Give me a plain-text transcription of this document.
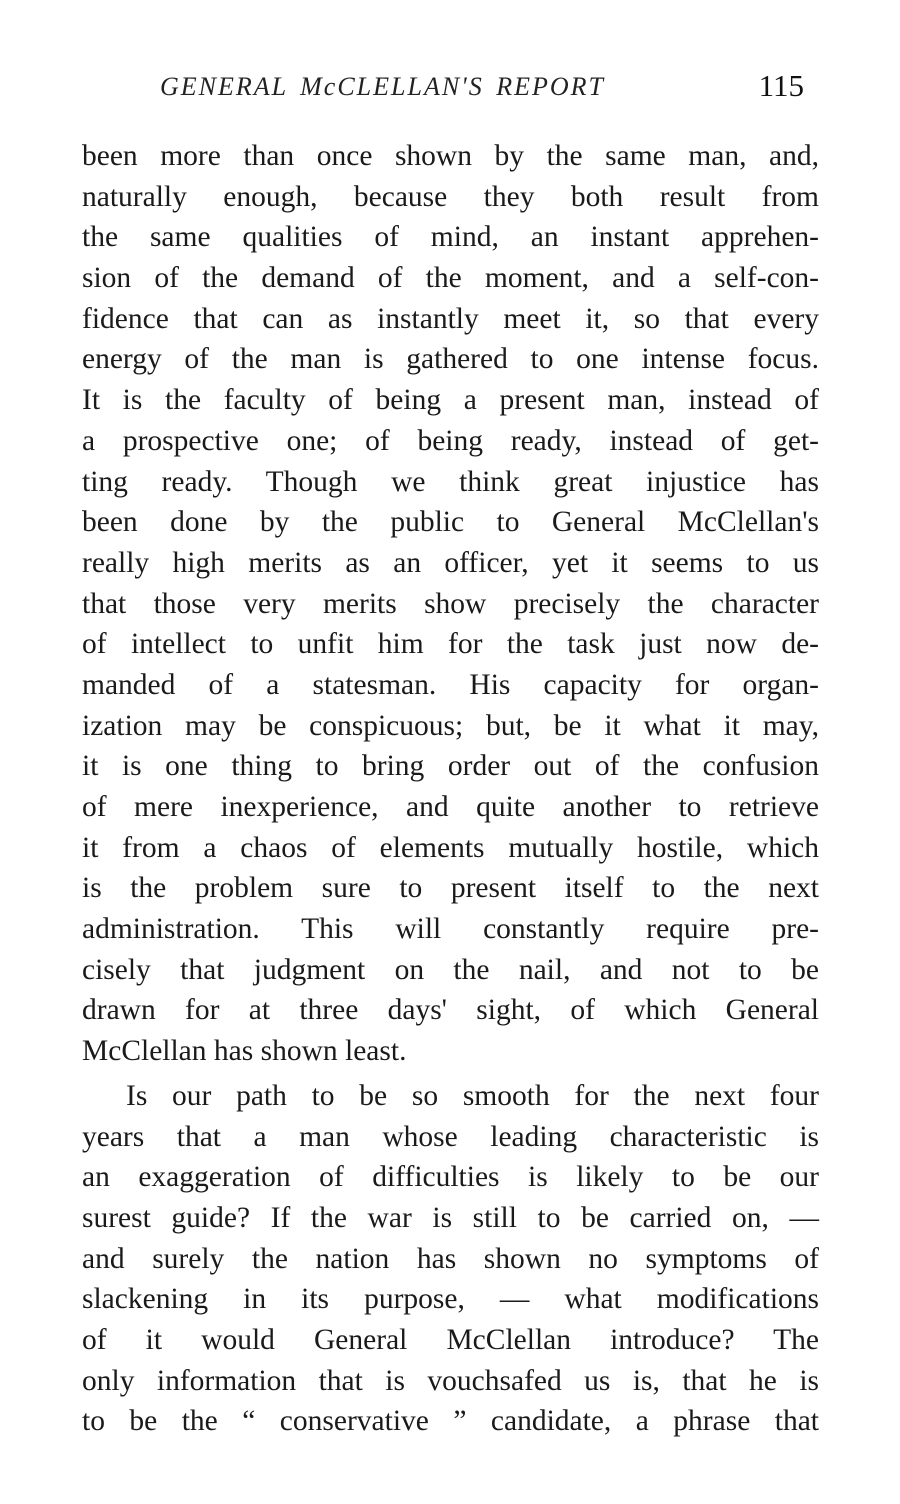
GENERAL McCLELLAN'S REPORT	115
been more than once shown by the same man, and,
naturally enough, because they both result from
the same qualities of mind, an instant apprehen-
sion of the demand of the moment, and a self-con-
fidence that can as instantly meet it, so that every
energy of the man is gathered to one intense focus.
It is the faculty of being a present man, instead of
a prospective one; of being ready, instead of get-
ting ready. Though we think great injustice has
been done by the public to General McClellan's
really high merits as an officer, yet it seems to us
that those very merits show precisely the character
of intellect to unfit him for the task just now de-
manded of a statesman. His capacity for organ-
ization may be conspicuous; but, be it what it may,
it is one thing to bring order out of the confusion
of mere inexperience, and quite another to retrieve
it from a chaos of elements mutually hostile, which
is the problem sure to present itself to the next
administration. This will constantly require pre-
cisely that judgment on the nail, and not to be
drawn for at three days' sight, of which General
McClellan has shown least.
Is our path to be so smooth for the next four
years that a man whose leading characteristic is
an exaggeration of difficulties is likely to be our
surest guide? If the war is still to be carried on, —
and surely the nation has shown no symptoms of
slackening in its purpose, — what modifications
of it would General McClellan introduce? The
only information that is vouchsafed us is, that he is
to be the “ conservative ” candidate, a phrase that
